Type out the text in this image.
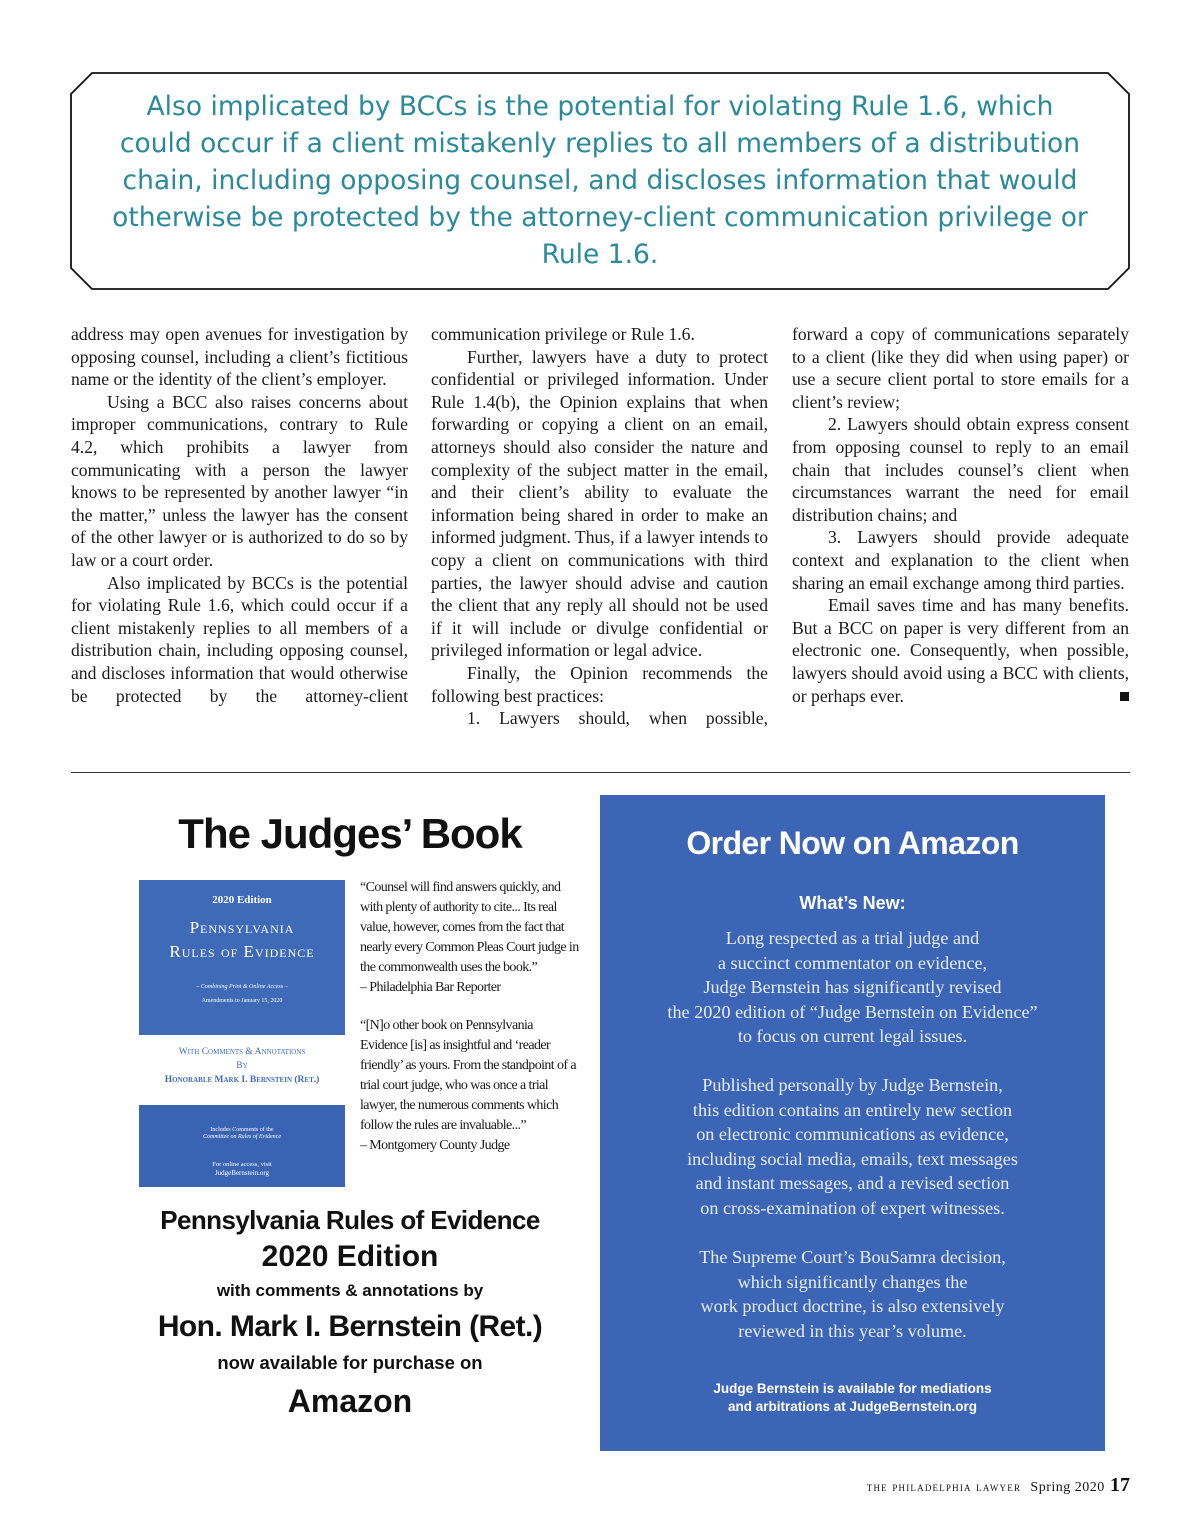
Also implicated by BCCs is the potential for violating Rule 1.6, which
could occur if a client mistakenly replies to all members of a distribution
chain, including opposing counsel, and discloses information that would
otherwise be protected by the attorney-client communication privilege or
Rule 1.6.

address may open avenues for investigation by opposing counsel, including a client’s fictitious name or the identity of the client’s employer.

Using a BCC also raises concerns about improper communications, contrary to Rule 4.2, which prohibits a lawyer from communicating with a person the lawyer knows to be represented by another lawyer “in the matter,” unless the lawyer has the consent of the other lawyer or is authorized to do so by law or a court order.

Also implicated by BCCs is the potential for violating Rule 1.6, which could occur if a client mistakenly replies to all members of a distribution chain, including opposing counsel, and discloses information that would otherwise be protected by the attorney-client

communication privilege or Rule 1.6.

Further, lawyers have a duty to protect confidential or privileged information. Under Rule 1.4(b), the Opinion explains that when forwarding or copying a client on an email, attorneys should also consider the nature and complexity of the subject matter in the email, and their client’s ability to evaluate the information being shared in order to make an informed judgment. Thus, if a lawyer intends to copy a client on communications with third parties, the lawyer should advise and caution the client that any reply all should not be used if it will include or divulge confidential or privileged information or legal advice.

Finally, the Opinion recommends the following best practices:

1. Lawyers should, when possible,

forward a copy of communications separately to a client (like they did when using paper) or use a secure client portal to store emails for a client’s review;

2. Lawyers should obtain express consent from opposing counsel to reply to an email chain that includes counsel’s client when circumstances warrant the need for email distribution chains; and

3. Lawyers should provide adequate context and explanation to the client when sharing an email exchange among third parties.

Email saves time and has many benefits. But a BCC on paper is very different from an electronic one. Consequently, when possible, lawyers should avoid using a BCC with clients, or perhaps ever.

The Judges’ Book
2020 Edition
Pennsylvania
Rules of Evidence
– Combining Print & Online Access –
Amendments to January 15, 2020
With Comments & Annotations
By
Honorable Mark I. Bernstein (Ret.)
Includes Comments of the
Committee on Rules of Evidence
For online access, visit
JudgeBernstein.org

“Counsel will find answers quickly, and with plenty of authority to cite... Its real value, however, comes from the fact that nearly every Common Pleas Court judge in the commonwealth uses the book.”
– Philadelphia Bar Reporter

“[N]o other book on Pennsylvania Evidence [is] as insightful and ‘reader friendly’ as yours. From the standpoint of a trial court judge, who was once a trial lawyer, the numerous comments which follow the rules are invaluable...”
– Montgomery County Judge

Pennsylvania Rules of Evidence
2020 Edition
with comments & annotations by
Hon. Mark I. Bernstein (Ret.)
now available for purchase on
Amazon
Order Now on Amazon
What’s New:
Long respected as a trial judge and
a succinct commentator on evidence,
Judge Bernstein has significantly revised
the 2020 edition of “Judge Bernstein on Evidence”
to focus on current legal issues.
Published personally by Judge Bernstein,
this edition contains an entirely new section
on electronic communications as evidence,
including social media, emails, text messages
and instant messages, and a revised section
on cross-examination of expert witnesses.
The Supreme Court’s BouSamra decision,
which significantly changes the
work product doctrine, is also extensively
reviewed in this year’s volume.
Judge Bernstein is available for mediations
and arbitrations at JudgeBernstein.org
the philadelphia lawyer Spring 2020 17
